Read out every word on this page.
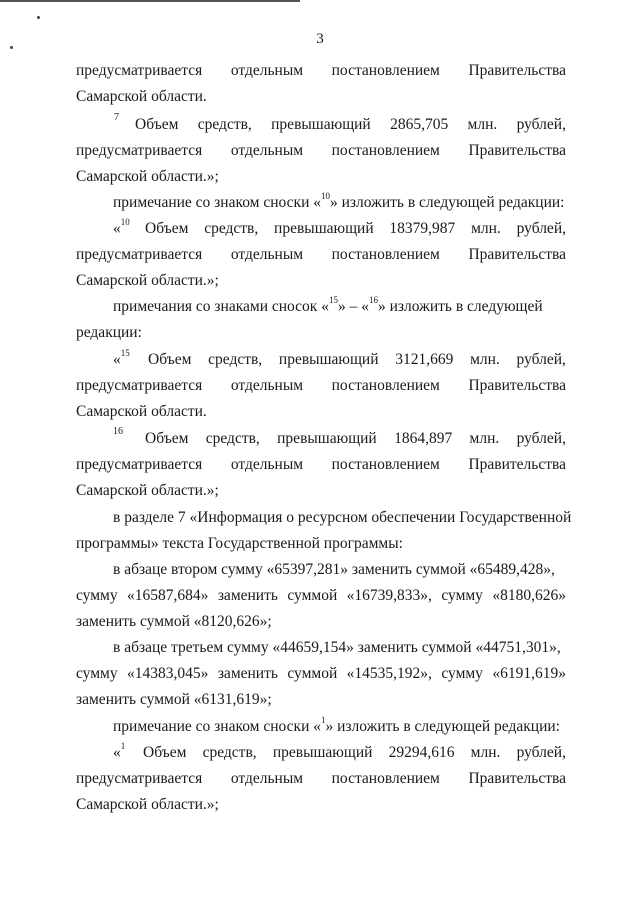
3
предусматривается отдельным постановлением Правительства
Самарской области.
7 Объем средств, превышающий 2865,705 млн. рублей,
предусматривается отдельным постановлением Правительства
Самарской области.»;
примечание со знаком сноски «$^{10}$» изложить в следующей редакции:
«$^{10}$ Объем средств, превышающий 18379,987 млн. рублей,
предусматривается отдельным постановлением Правительства
Самарской области.»;
примечания со знаками сносок «$^{15}$» – «$^{16}$» изложить в следующей
редакции:
«$^{15}$ Объем средств, превышающий 3121,669 млн. рублей,
предусматривается отдельным постановлением Правительства
Самарской области.
16 Объем средств, превышающий 1864,897 млн. рублей,
предусматривается отдельным постановлением Правительства
Самарской области.»;
в разделе 7 «Информация о ресурсном обеспечении Государственной
программы» текста Государственной программы:
в абзаце втором сумму «65397,281» заменить суммой «65489,428»,
сумму «16587,684» заменить суммой «16739,833», сумму «8180,626»
заменить суммой «8120,626»;
в абзаце третьем сумму «44659,154» заменить суммой «44751,301»,
сумму «14383,045» заменить суммой «14535,192», сумму «6191,619»
заменить суммой «6131,619»;
примечание со знаком сноски «$^1$» изложить в следующей редакции:
«$^1$ Объем средств, превышающий 29294,616 млн. рублей,
предусматривается отдельным постановлением Правительства
Самарской области.»;
